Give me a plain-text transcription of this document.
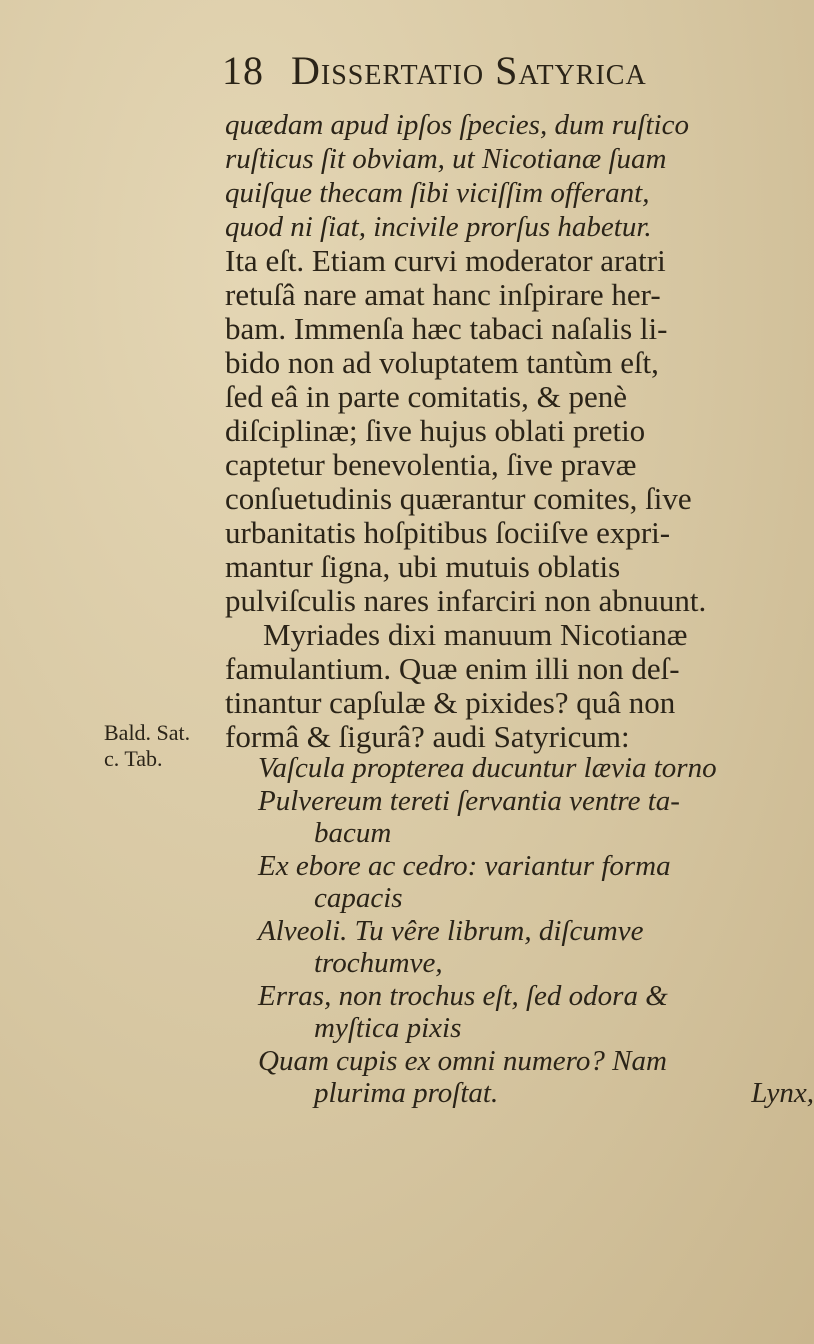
18 Dissertatio Satyrica
quædam apud ipſos ſpecies, dum ruſtico
ruſticus ſit obviam, ut Nicotianæ ſuam
quiſque thecam ſibi viciſſim offerant,
quod ni ſiat, incivile prorſus habetur.
Ita eſt. Etiam curvi moderator aratri
retuſâ nare amat hanc inſpirare her-
bam. Immenſa hæc tabaci naſalis li-
bido non ad voluptatem tantùm eſt,
ſed eâ in parte comitatis, & penè
diſciplinæ; ſive hujus oblati pretio
captetur benevolentia, ſive pravæ
conſuetudinis quærantur comites, ſive
urbanitatis hoſpitibus ſociiſve expri-
mantur ſigna, ubi mutuis oblatis
pulviſculis nares infarciri non abnuunt.
Myriades dixi manuum Nicotianæ
famulantium. Quæ enim illi non deſ-
tinantur capſulæ & pixides? quâ non
formâ & ſigurâ? audi Satyricum:
Bald. Sat.
c. Tab.	Vaſcula propterea ducuntur lævia torno
Pulvereum tereti ſervantia ventre ta-
bacum
Ex ebore ac cedro: variantur forma
capacis
Alveoli. Tu vêre librum, diſcumve
trochumve,
Erras, non trochus eſt, ſed odora &
myſtica pixis
Quam cupis ex omni numero? Nam
plurima proſtat.	Lynx,
